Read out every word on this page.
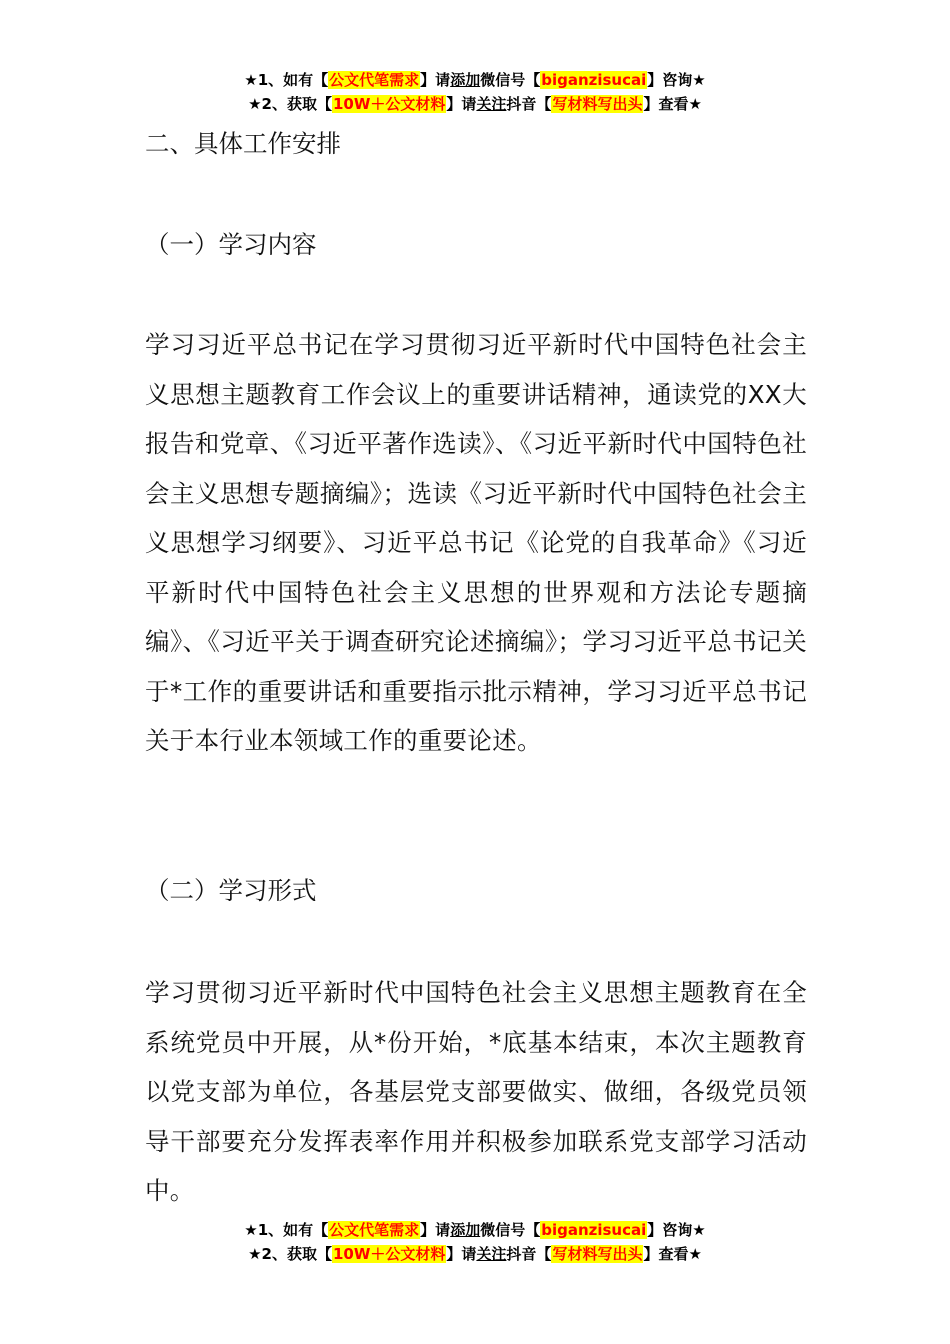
★1、如有【公文代笔需求】请添加微信号【biganzisucai】咨询★
★2、获取【10W＋公文材料】请关注抖音【写材料写出头】查看★
二、具体工作安排
（一）学习内容
学习习近平总书记在学习贯彻习近平新时代中国特色社会主义思想主题教育工作会议上的重要讲话精神，通读党的XX大报告和党章、《习近平著作选读》、《习近平新时代中国特色社会主义思想专题摘编》；选读《习近平新时代中国特色社会主义思想学习纲要》、习近平总书记《论党的自我革命》《习近平新时代中国特色社会主义思想的世界观和方法论专题摘编》、《习近平关于调查研究论述摘编》；学习习近平总书记关于*工作的重要讲话和重要指示批示精神，学习习近平总书记关于本行业本领域工作的重要论述。
（二）学习形式
学习贯彻习近平新时代中国特色社会主义思想主题教育在全系统党员中开展，从*份开始，*底基本结束，本次主题教育以党支部为单位，各基层党支部要做实、做细，各级党员领导干部要充分发挥表率作用并积极参加联系党支部学习活动中。
★1、如有【公文代笔需求】请添加微信号【biganzisucai】咨询★
★2、获取【10W＋公文材料】请关注抖音【写材料写出头】查看★
